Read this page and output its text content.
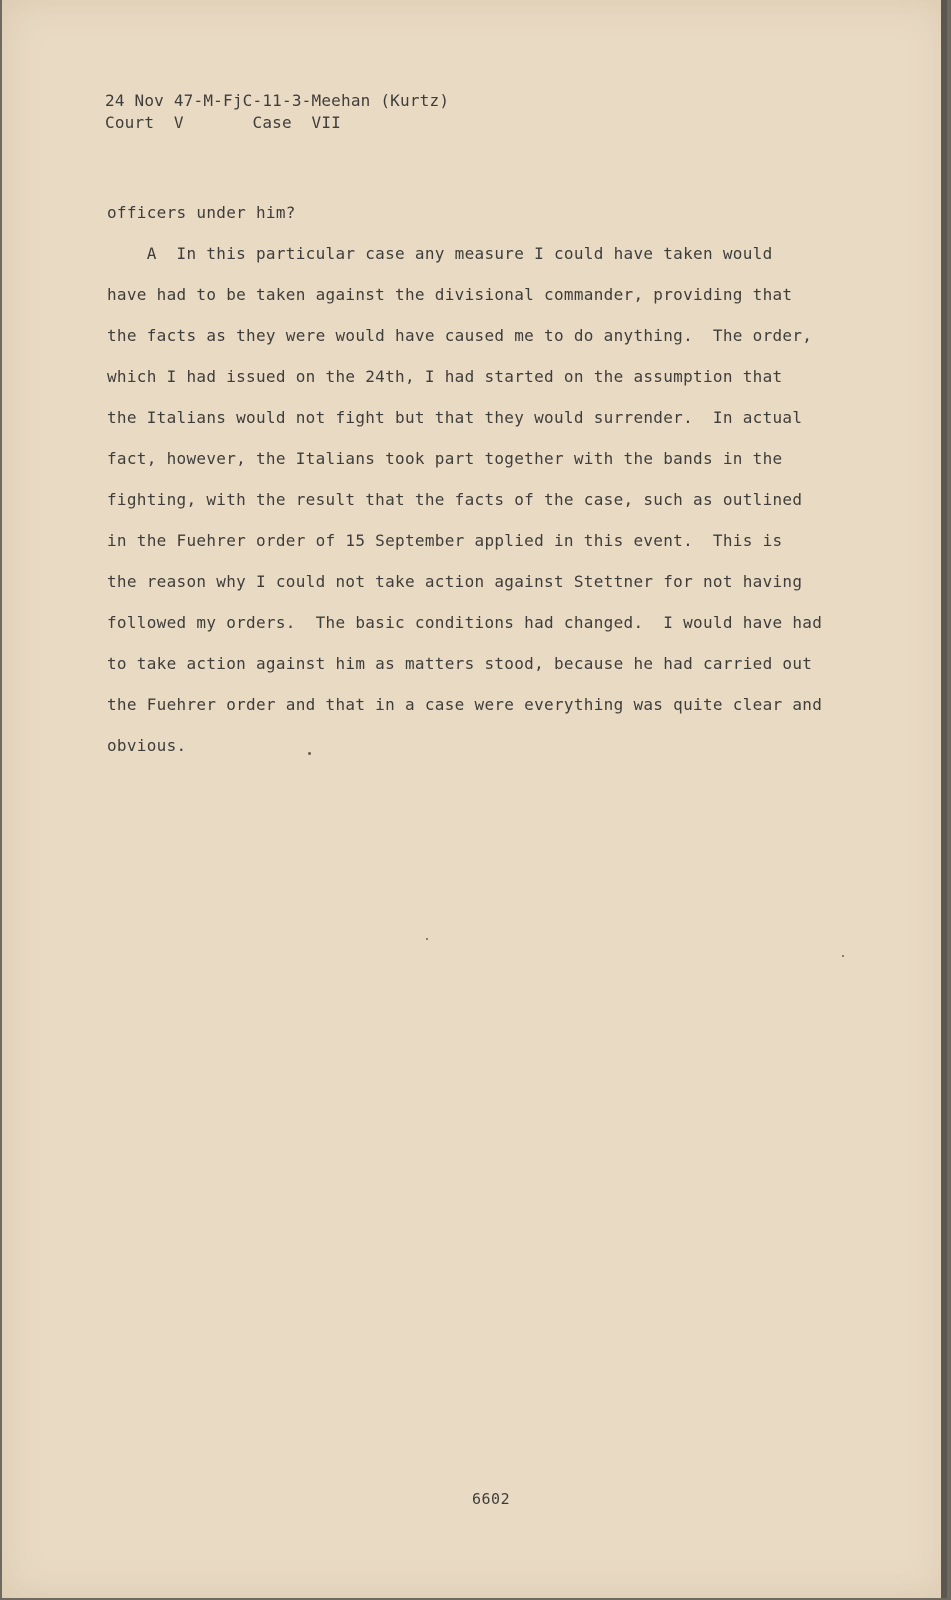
24 Nov 47-M-FjC-11-3-Meehan (Kurtz)
Court  V       Case  VII
officers under him?
A  In this particular case any measure I could have taken would
have had to be taken against the divisional commander, providing that
the facts as they were would have caused me to do anything.  The order,
which I had issued on the 24th, I had started on the assumption that
the Italians would not fight but that they would surrender.  In actual
fact, however, the Italians took part together with the bands in the
fighting, with the result that the facts of the case, such as outlined
in the Fuehrer order of 15 September applied in this event.  This is
the reason why I could not take action against Stettner for not having
followed my orders.  The basic conditions had changed.  I would have had
to take action against him as matters stood, because he had carried out
the Fuehrer order and that in a case were everything was quite clear and
obvious.
6602
